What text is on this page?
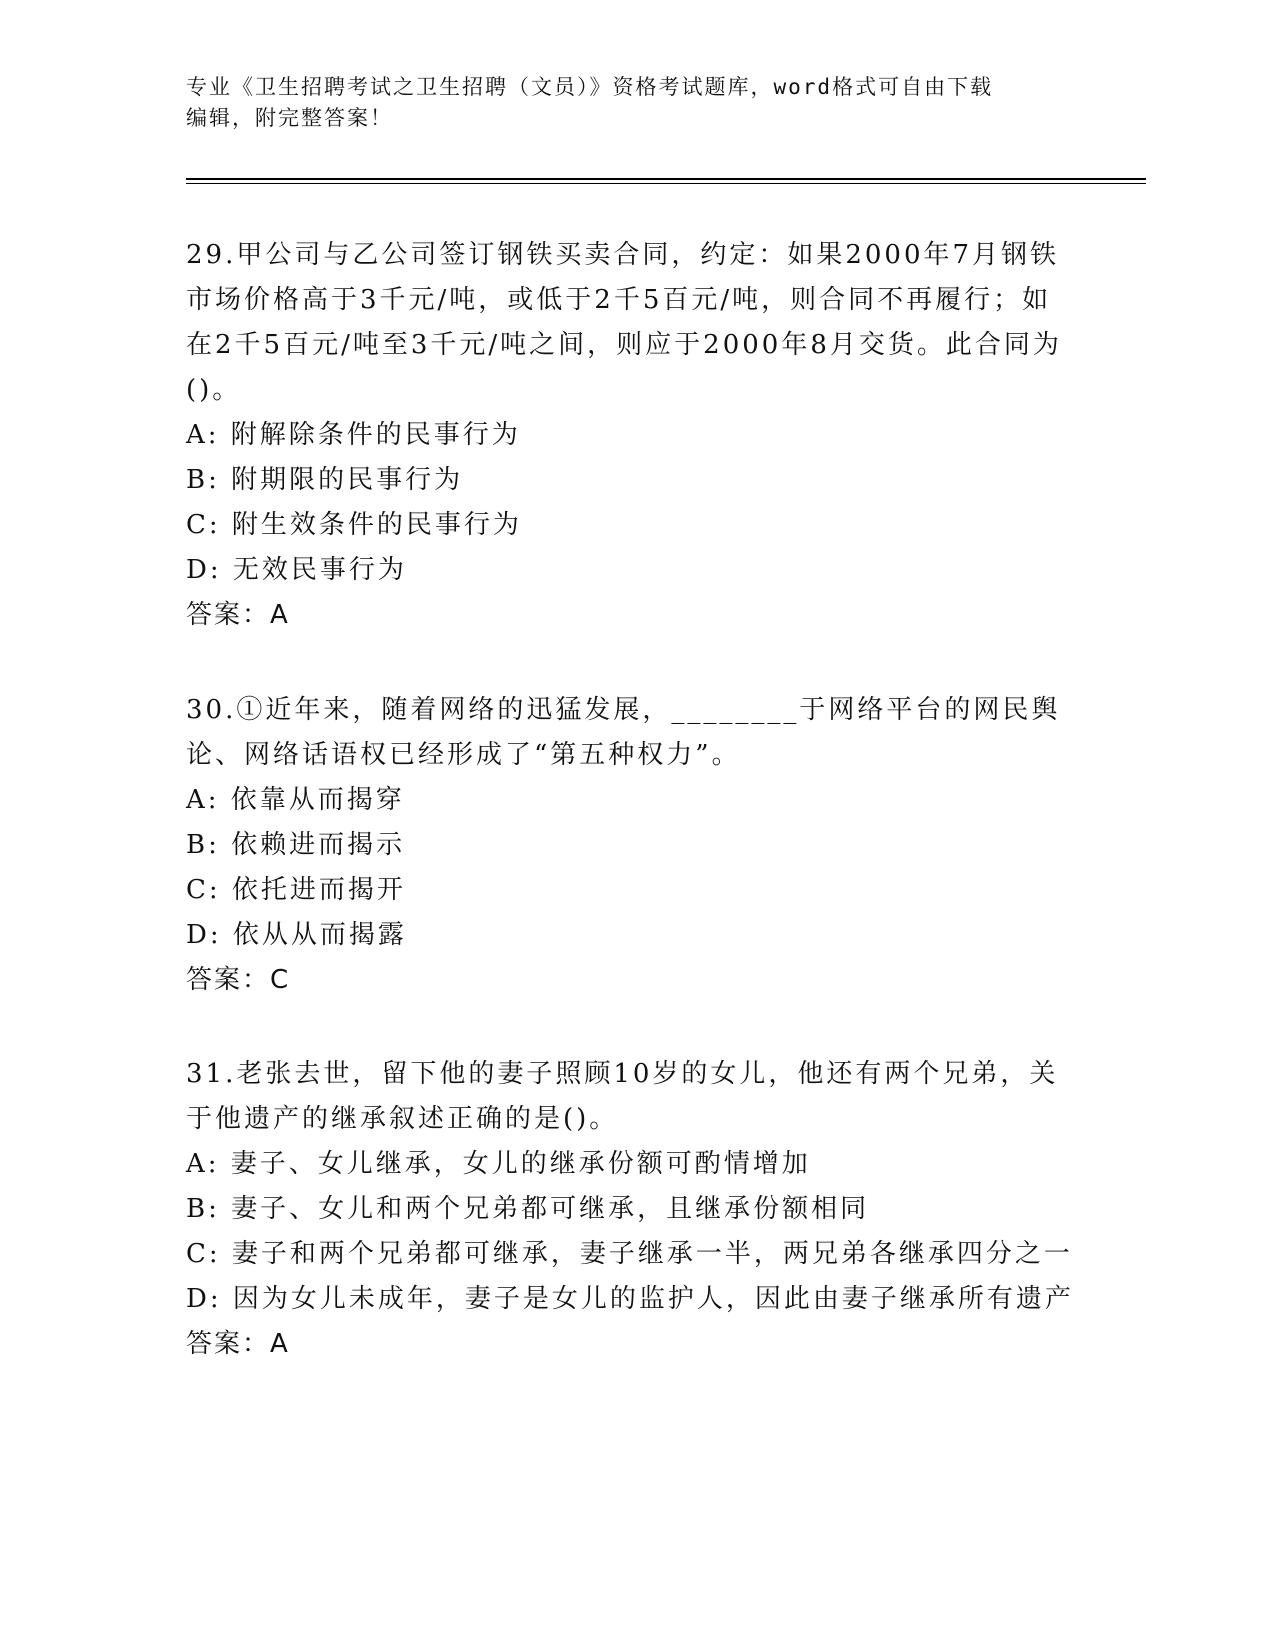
专业《卫生招聘考试之卫生招聘（文员）》资格考试题库，word格式可自由下载
编辑，附完整答案！

29.甲公司与乙公司签订钢铁买卖合同，约定：如果2000年7月钢铁市场价格高于3千元/吨，或低于2千5百元/吨，则合同不再履行；如在2千5百元/吨至3千元/吨之间，则应于2000年8月交货。此合同为()。

A: 附解除条件的民事行为

B: 附期限的民事行为

C: 附生效条件的民事行为

D: 无效民事行为

答案：A

30.①近年来，随着网络的迅猛发展，________于网络平台的网民舆论、网络话语权已经形成了“第五种权力”。

A: 依靠从而揭穿

B: 依赖进而揭示

C: 依托进而揭开

D: 依从从而揭露

答案：C

31.老张去世，留下他的妻子照顾10岁的女儿，他还有两个兄弟，关于他遗产的继承叙述正确的是()。

A: 妻子、女儿继承，女儿的继承份额可酌情增加

B: 妻子、女儿和两个兄弟都可继承，且继承份额相同

C: 妻子和两个兄弟都可继承，妻子继承一半，两兄弟各继承四分之一

D: 因为女儿未成年，妻子是女儿的监护人，因此由妻子继承所有遗产

答案：A
